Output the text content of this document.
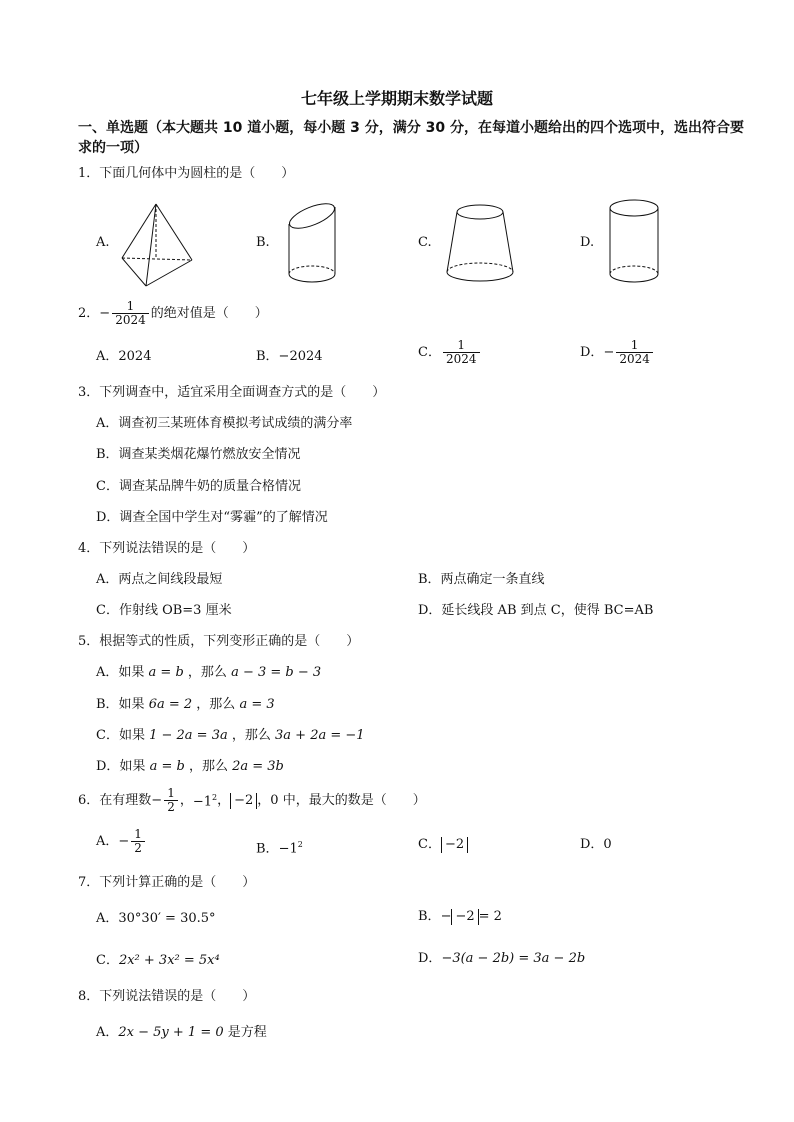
七年级上学期期末数学试题
一、单选题（本大题共 10 道小题，每小题 3 分，满分 30 分，在每道小题给出的四个选项中，选出符合要求的一项）
1．下面几何体中为圆柱的是（　　）
A.	B.	C.	D.
2． − $\frac{1}{2024}$ 的绝对值是（　　）
A．2024	B．−2024	C． $\frac{1}{2024}$	D． − $\frac{1}{2024}$
3．下列调查中，适宜采用全面调查方式的是（　　）
A．调查初三某班体育模拟考试成绩的满分率
B．调查某类烟花爆竹燃放安全情况
C．调查某品牌牛奶的质量合格情况
D．调查全国中学生对“雾霾”的了解情况
4．下列说法错误的是（　　）
A．两点之间线段最短	B．两点确定一条直线
C．作射线 OB=3 厘米	D．延长线段 AB 到点 C，使得 BC=AB
5．根据等式的性质，下列变形正确的是（　　）
A．如果 a = b ，那么 a − 3 = b − 3
B．如果 6a = 2 ，那么 a = 3
C．如果 1 − 2a = 3a ，那么 3a + 2a = −1
D．如果 a = b ，那么 2a = 3b
6．在有理数 − $\frac{1}{2}$ ， $-1^2$ ， −2 ，0 中，最大的数是（　　）
A． − $\frac{1}{2}$	B．$-1^2$	C． −2	D．0
7．下列计算正确的是（　　）
A．30°30′ = 30.5°	B．− −2 = 2
C．2x² + 3x² = 5x⁴	D．−3(a − 2b) = 3a − 2b
8．下列说法错误的是（　　）
A．2x − 5y + 1 = 0 是方程
